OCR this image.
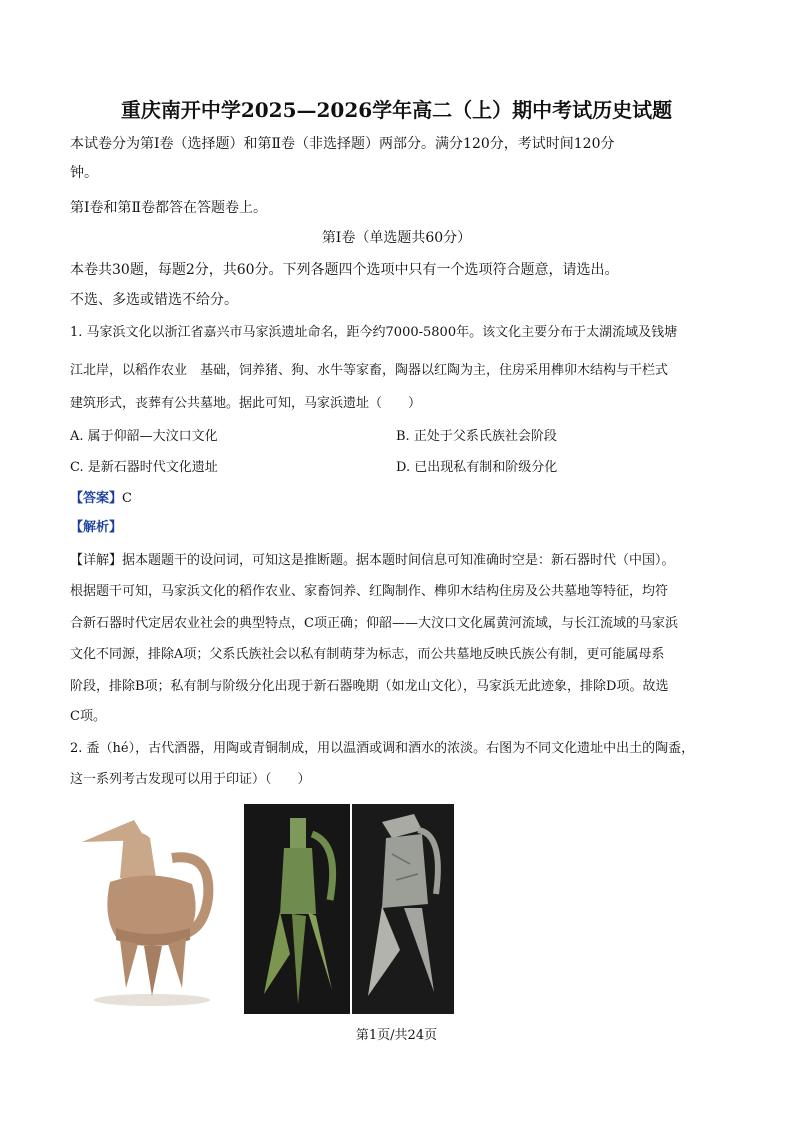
重庆南开中学2025—2026学年高二（上）期中考试历史试题
本试卷分为第Ⅰ卷（选择题）和第Ⅱ卷（非选择题）两部分。满分120分，考试时间120分
钟。
第Ⅰ卷和第Ⅱ卷都答在答题卷上。
第Ⅰ卷（单选题共60分）
本卷共30题，每题2分，共60分。下列各题四个选项中只有一个选项符合题意，请选出。
不选、多选或错选不给分。
1. 马家浜文化以浙江省嘉兴市马家浜遗址命名，距今约7000-5800年。该文化主要分布于太湖流域及钱塘
江北岸，以稻作农业　基础，饲养猪、狗、水牛等家畜，陶器以红陶为主，住房采用榫卯木结构与干栏式
建筑形式，丧葬有公共墓地。据此可知，马家浜遗址（　　）
A. 属于仰韶—大汶口文化	B. 正处于父系氏族社会阶段
C. 是新石器时代文化遗址	D. 已出现私有制和阶级分化
【答案】C
【解析】
【详解】据本题题干的设问词，可知这是推断题。据本题时间信息可知准确时空是：新石器时代（中国）。
根据题干可知，马家浜文化的稻作农业、家畜饲养、红陶制作、榫卯木结构住房及公共墓地等特征，均符
合新石器时代定居农业社会的典型特点，C项正确；仰韶——大汶口文化属黄河流域，与长江流域的马家浜
文化不同源，排除A项；父系氏族社会以私有制萌芽为标志，而公共墓地反映氏族公有制，更可能属母系
阶段，排除B项；私有制与阶级分化出现于新石器晚期（如龙山文化），马家浜无此迹象，排除D项。故选
C项。
2. 盉（hé），古代酒器，用陶或青铜制成，用以温酒或调和酒水的浓淡。右图为不同文化遗址中出土的陶盉，
这一系列考古发现可以用于印证）（　　）
第1页/共24页
